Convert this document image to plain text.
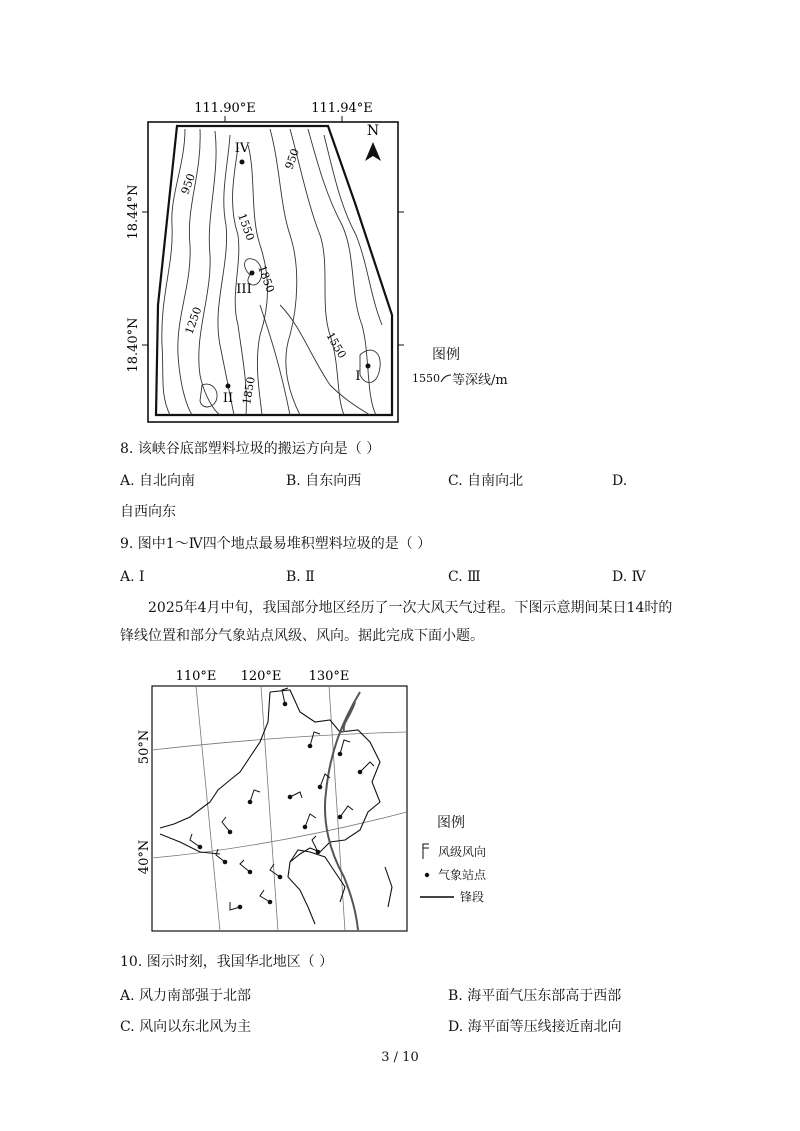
111.90°E	111.94°E
18.44°N
18.40°N
950
950
1550
1850
1250
1550
1850
N
IV
III
II
I
图例
1550 等深线/m
8. 该峡谷底部塑料垃圾的搬运方向是（ ）
A. 自北向南	B. 自东向西	C. 自南向北	D.
自西向东
9. 图中1～Ⅳ四个地点最易堆积塑料垃圾的是（ ）
A. Ⅰ	B. Ⅱ	C. Ⅲ	D. Ⅳ
2025年4月中旬，我国部分地区经历了一次大风天气过程。下图示意期间某日14时的锋线位置和部分气象站点风级、风向。据此完成下面小题。
110°E 120°E 130°E
50°N
40°N
图例
风级风向
气象站点
锋段
10. 图示时刻，我国华北地区（ ）
A. 风力南部强于北部	B. 海平面气压东部高于西部
C. 风向以东北风为主	D. 海平面等压线接近南北向
3 / 10
